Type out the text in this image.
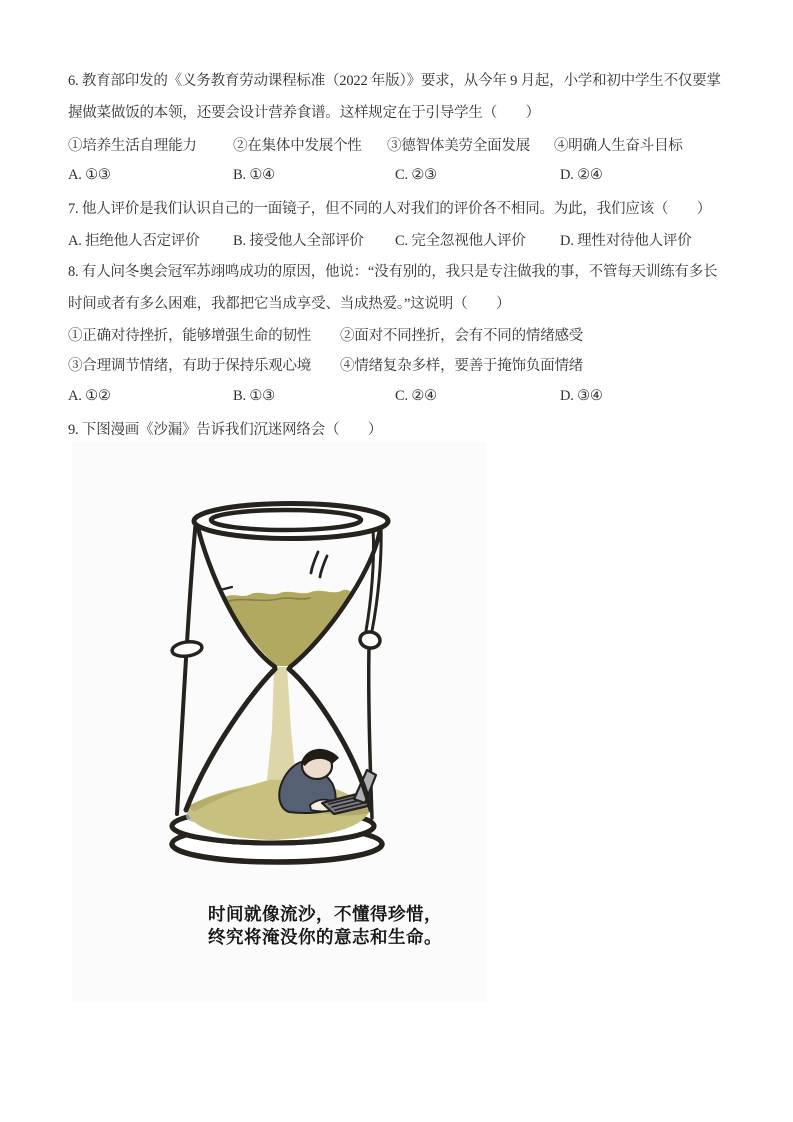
6. 教育部印发的《义务教育劳动课程标准（2022 年版）》要求，从今年 9 月起，小学和初中学生不仅要掌
握做菜做饭的本领，还要会设计营养食谱。这样规定在于引导学生（　　）

①培养生活自理能力

	②在集体中发展个性

③德智体美劳全面发展

④明确人生奋斗目标

A. ①③

	B. ①④

	C. ②③

	D. ②④

7. 他人评价是我们认识自己的一面镜子，但不同的人对我们的评价各不相同。为此，我们应该（　　）

A. 拒绝他人否定评价

B. 接受他人全部评价

C. 完全忽视他人评价

D. 理性对待他人评价

8. 有人问冬奥会冠军苏翊鸣成功的原因，他说：“没有别的，我只是专注做我的事，不管每天训练有多长
时间或者有多么困难，我都把它当成享受、当成热爱。”这说明（　　）

①正确对待挫折，能够增强生命的韧性

②面对不同挫折，会有不同的情绪感受

③合理调节情绪，有助于保持乐观心境

④情绪复杂多样，要善于掩饰负面情绪

A. ①②

	B. ①③

	C. ②④

	D. ③④

9. 下图漫画《沙漏》告诉我们沉迷网络会（　　）
时间就像流沙，不懂得珍惜，
终究将淹没你的意志和生命。
